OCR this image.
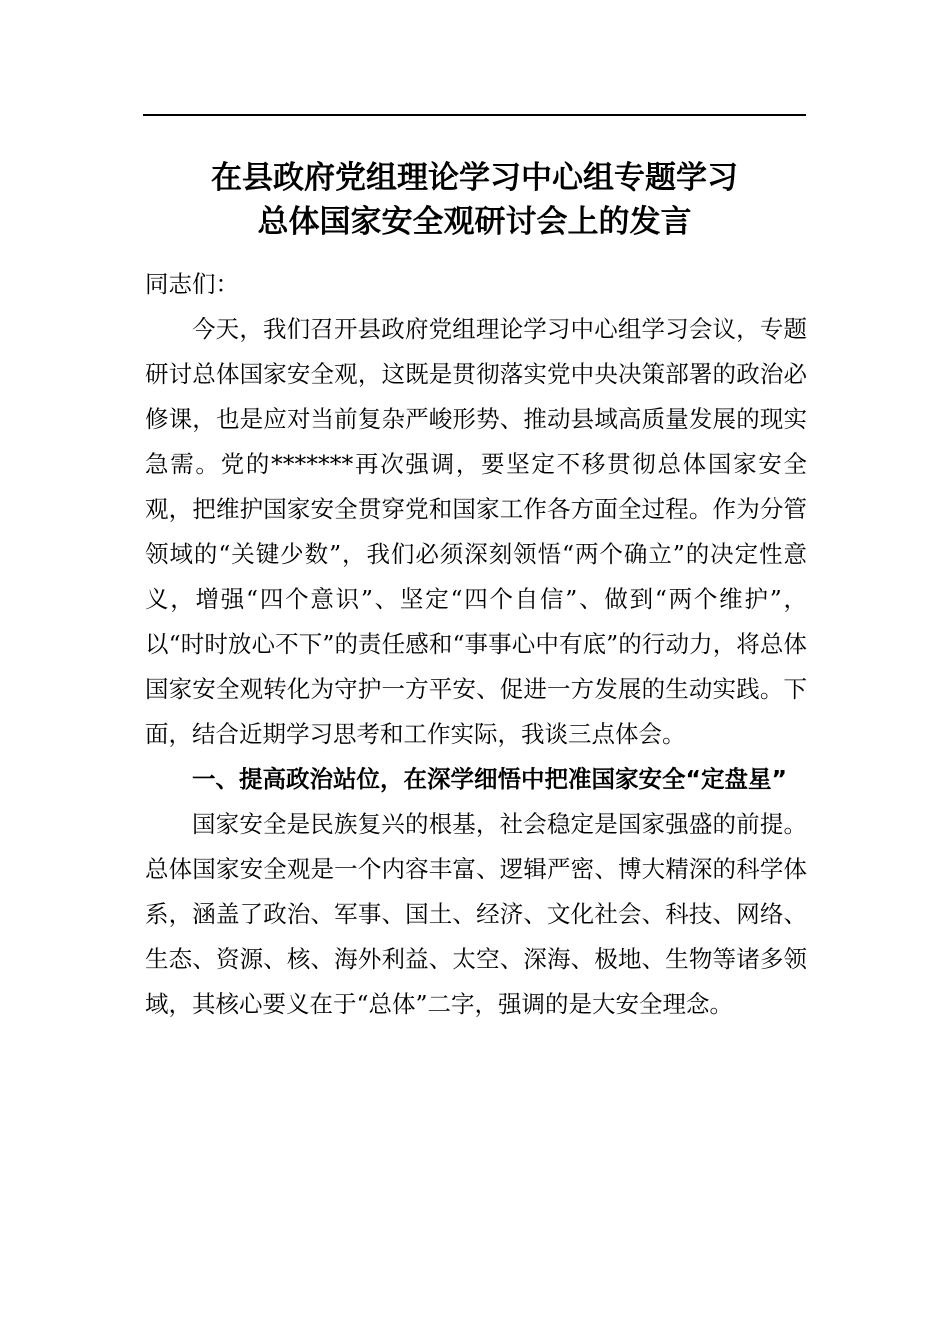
在县政府党组理论学习中心组专题学习
总体国家安全观研讨会上的发言

同志们：

今天，我们召开县政府党组理论学习中心组学习会议，专题研讨总体国家安全观，这既是贯彻落实党中央决策部署的政治必修课，也是应对当前复杂严峻形势、推动县域高质量发展的现实急需。党的*******再次强调，要坚定不移贯彻总体国家安全观，把维护国家安全贯穿党和国家工作各方面全过程。作为分管领域的“关键少数”，我们必须深刻领悟“两个确立”的决定性意义，增强“四个意识”、坚定“四个自信”、做到“两个维护”，以“时时放心不下”的责任感和“事事心中有底”的行动力，将总体国家安全观转化为守护一方平安、促进一方发展的生动实践。下面，结合近期学习思考和工作实际，我谈三点体会。

一、提高政治站位，在深学细悟中把准国家安全“定盘星”

国家安全是民族复兴的根基，社会稳定是国家强盛的前提。总体国家安全观是一个内容丰富、逻辑严密、博大精深的科学体系，涵盖了政治、军事、国土、经济、文化社会、科技、网络、生态、资源、核、海外利益、太空、深海、极地、生物等诸多领域，其核心要义在于“总体”二字，强调的是大安全理念。
